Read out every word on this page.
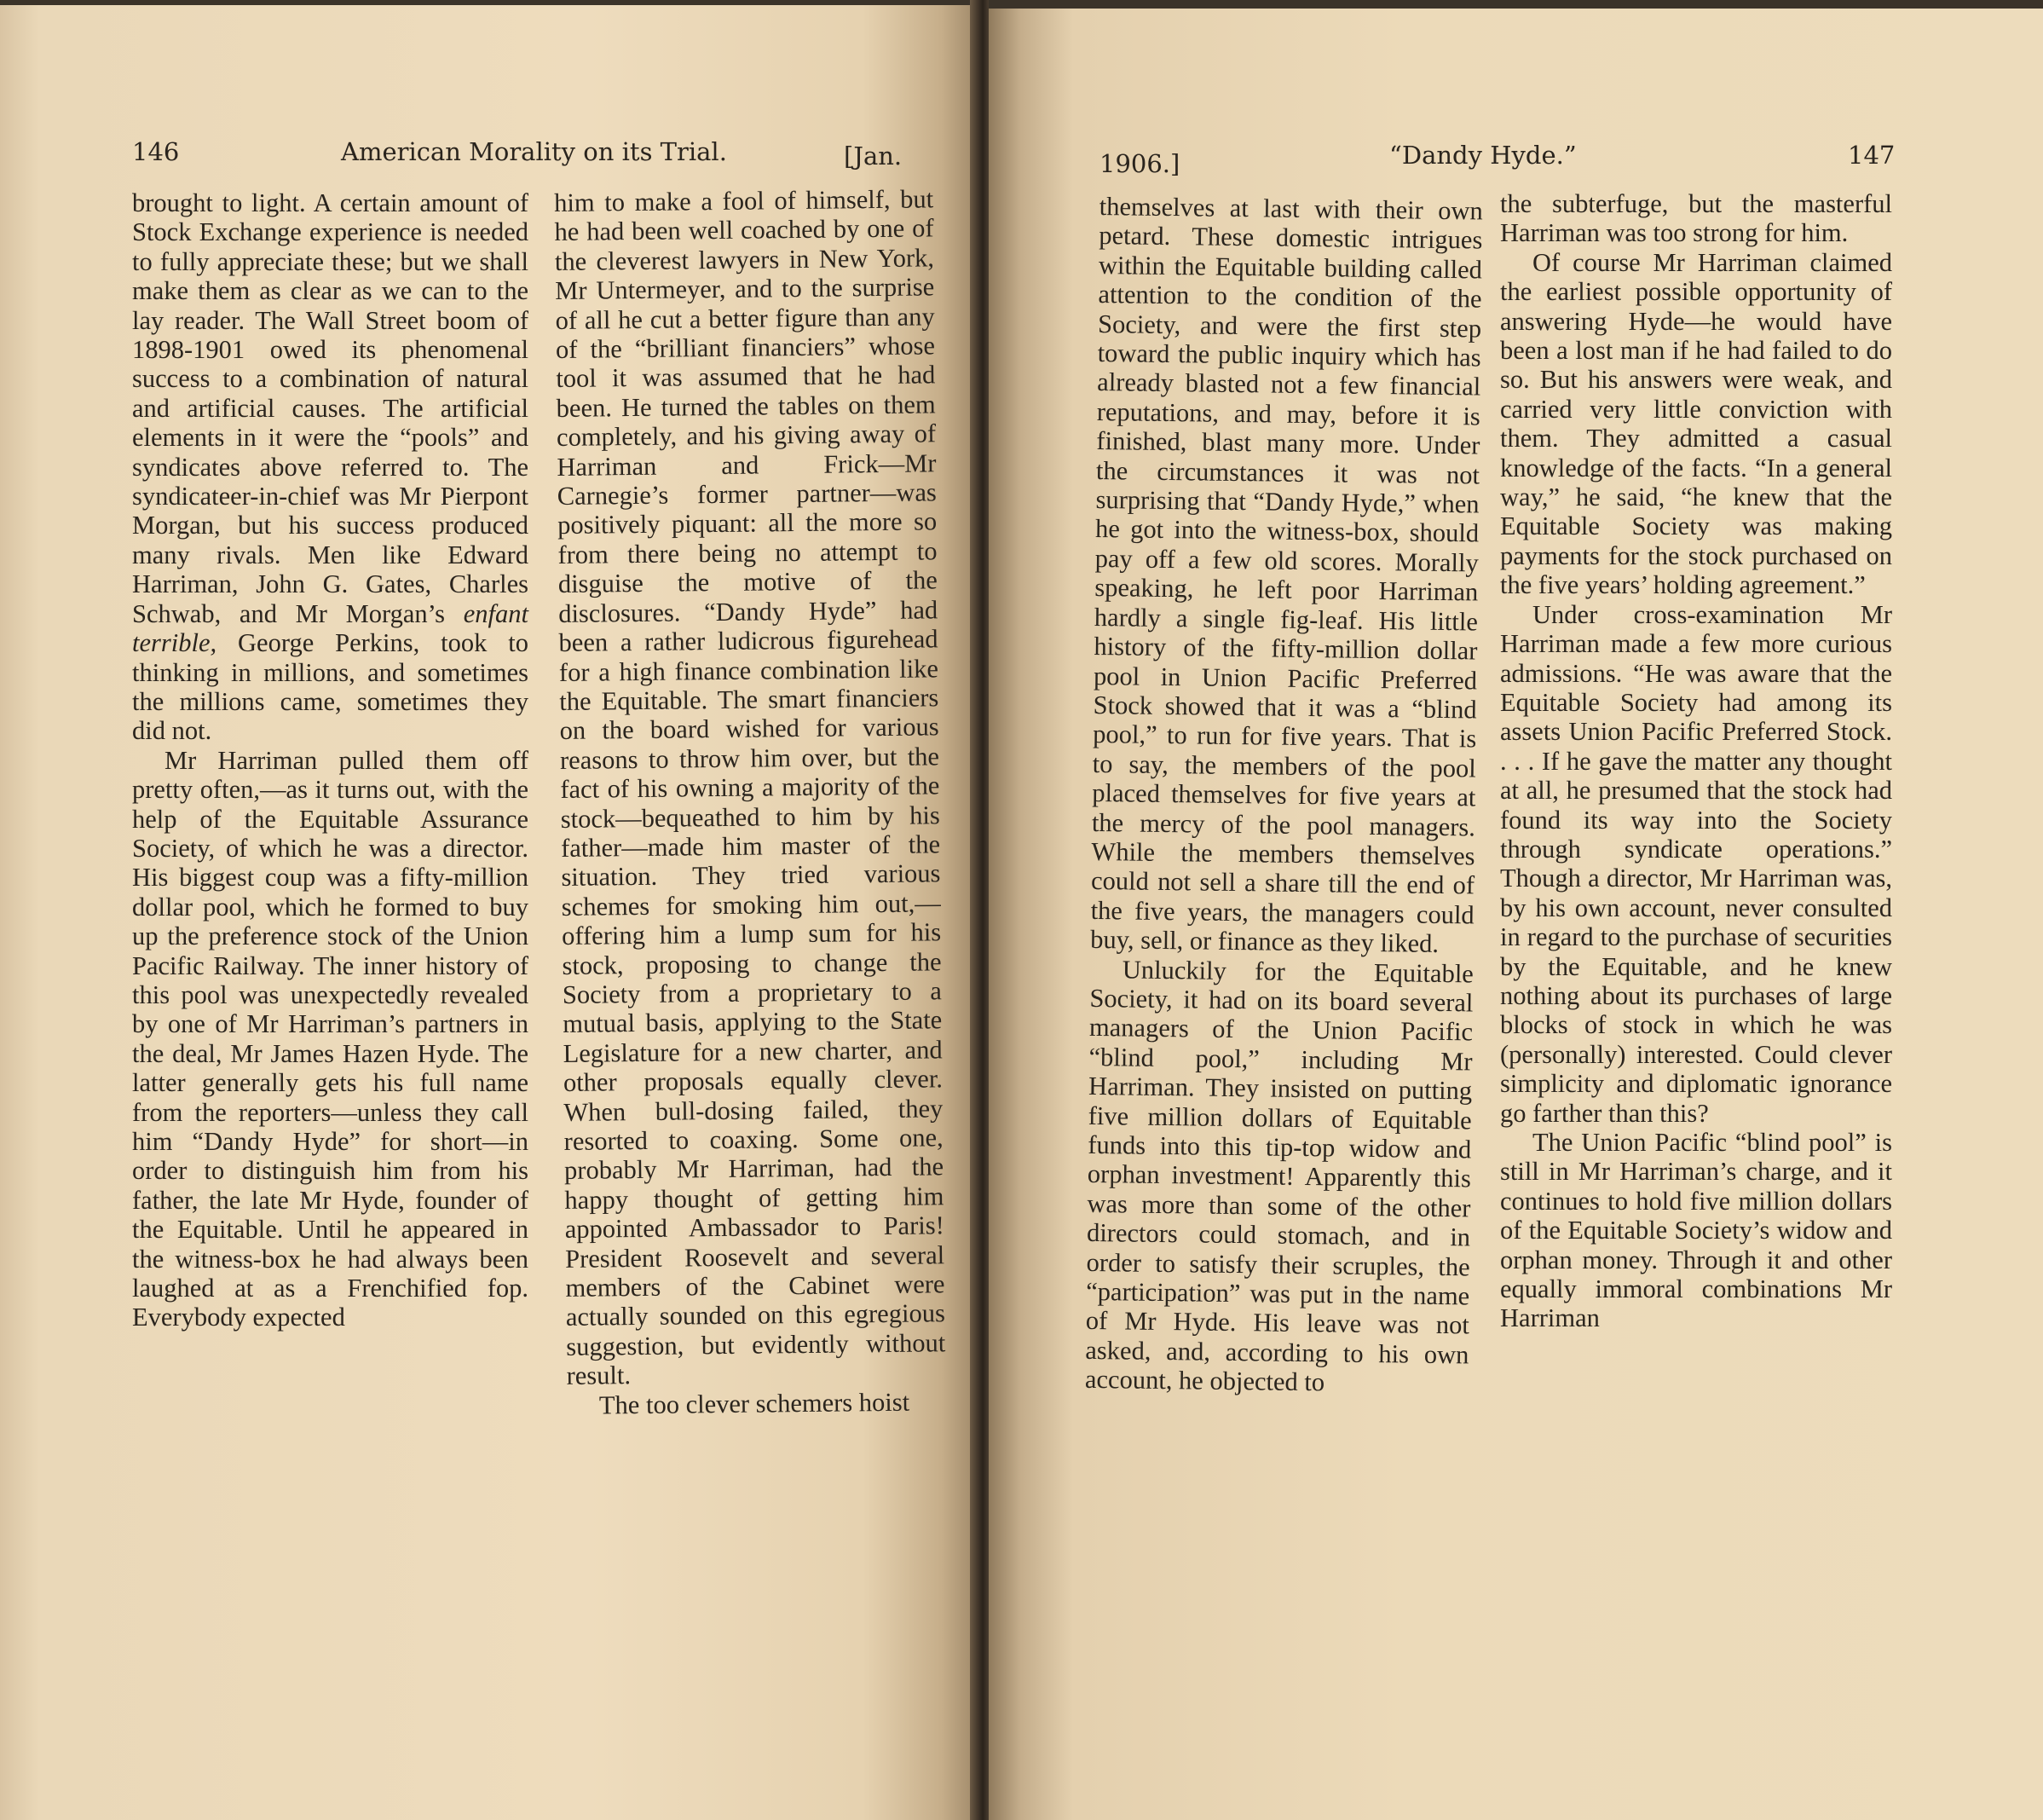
146	American Morality on its Trial.	[Jan.

brought to light. A certain amount of Stock Exchange experience is needed to fully appreciate these; but we shall make them as clear as we can to the lay reader. The Wall Street boom of 1898-1901 owed its phenomenal success to a combination of natural and artificial causes. The artificial elements in it were the “pools” and syndicates above referred to. The syndicateer-in-chief was Mr Pierpont Morgan, but his success produced many rivals. Men like Edward Harriman, John G. Gates, Charles Schwab, and Mr Morgan’s enfant terrible, George Perkins, took to thinking in millions, and sometimes the millions came, sometimes they did not.

Mr Harriman pulled them off pretty often,—as it turns out, with the help of the Equitable Assurance Society, of which he was a director. His biggest coup was a fifty-million dollar pool, which he formed to buy up the preference stock of the Union Pacific Railway. The inner history of this pool was unexpectedly revealed by one of Mr Harriman’s partners in the deal, Mr James Hazen Hyde. The latter generally gets his full name from the reporters—unless they call him “Dandy Hyde” for short—in order to distinguish him from his father, the late Mr Hyde, founder of the Equitable. Until he appeared in the witness-box he had always been laughed at as a Frenchified fop. Everybody expected

him to make a fool of himself, but he had been well coached by one of the cleverest lawyers in New York, Mr Untermeyer, and to the surprise of all he cut a better figure than any of the “brilliant financiers” whose tool it was assumed that he had been. He turned the tables on them completely, and his giving away of Harriman and Frick—Mr Carnegie’s former partner—was positively piquant: all the more so from there being no attempt to disguise the motive of the disclosures. “Dandy Hyde” had been a rather ludicrous figurehead for a high finance combination like the Equitable. The smart financiers on the board wished for various reasons to throw him over, but the fact of his owning a majority of the stock—bequeathed to him by his father—made him master of the situation. They tried various schemes for smoking him out,—offering him a lump sum for his stock, proposing to change the Society from a proprietary to a mutual basis, applying to the State Legislature for a new charter, and other proposals equally clever. When bull-dosing failed, they resorted to coaxing. Some one, probably Mr Harriman, had the happy thought of getting him appointed Ambassador to Paris! President Roosevelt and several members of the Cabinet were actually sounded on this egregious suggestion, but evidently without result.

The too clever schemers hoist

1906.]	“Dandy Hyde.”	147

themselves at last with their own petard. These domestic intrigues within the Equitable building called attention to the condition of the Society, and were the first step toward the public inquiry which has already blasted not a few financial reputations, and may, before it is finished, blast many more. Under the circumstances it was not surprising that “Dandy Hyde,” when he got into the witness-box, should pay off a few old scores. Morally speaking, he left poor Harriman hardly a single fig-leaf. His little history of the fifty-million dollar pool in Union Pacific Preferred Stock showed that it was a “blind pool,” to run for five years. That is to say, the members of the pool placed themselves for five years at the mercy of the pool managers. While the members themselves could not sell a share till the end of the five years, the managers could buy, sell, or finance as they liked.

Unluckily for the Equitable Society, it had on its board several managers of the Union Pacific “blind pool,” including Mr Harriman. They insisted on putting five million dollars of Equitable funds into this tip-top widow and orphan investment! Apparently this was more than some of the other directors could stomach, and in order to satisfy their scruples, the “participation” was put in the name of Mr Hyde. His leave was not asked, and, according to his own account, he objected to

the subterfuge, but the masterful Harriman was too strong for him.

Of course Mr Harriman claimed the earliest possible opportunity of answering Hyde—he would have been a lost man if he had failed to do so. But his answers were weak, and carried very little conviction with them. They admitted a casual knowledge of the facts. “In a general way,” he said, “he knew that the Equitable Society was making payments for the stock purchased on the five years’ holding agreement.”

Under cross-examination Mr Harriman made a few more curious admissions. “He was aware that the Equitable Society had among its assets Union Pacific Preferred Stock. . . . If he gave the matter any thought at all, he presumed that the stock had found its way into the Society through syndicate operations.” Though a director, Mr Harriman was, by his own account, never consulted in regard to the purchase of securities by the Equitable, and he knew nothing about its purchases of large blocks of stock in which he was (personally) interested. Could clever simplicity and diplomatic ignorance go farther than this?

The Union Pacific “blind pool” is still in Mr Harriman’s charge, and it continues to hold five million dollars of the Equitable Society’s widow and orphan money. Through it and other equally immoral combinations Mr Harriman
